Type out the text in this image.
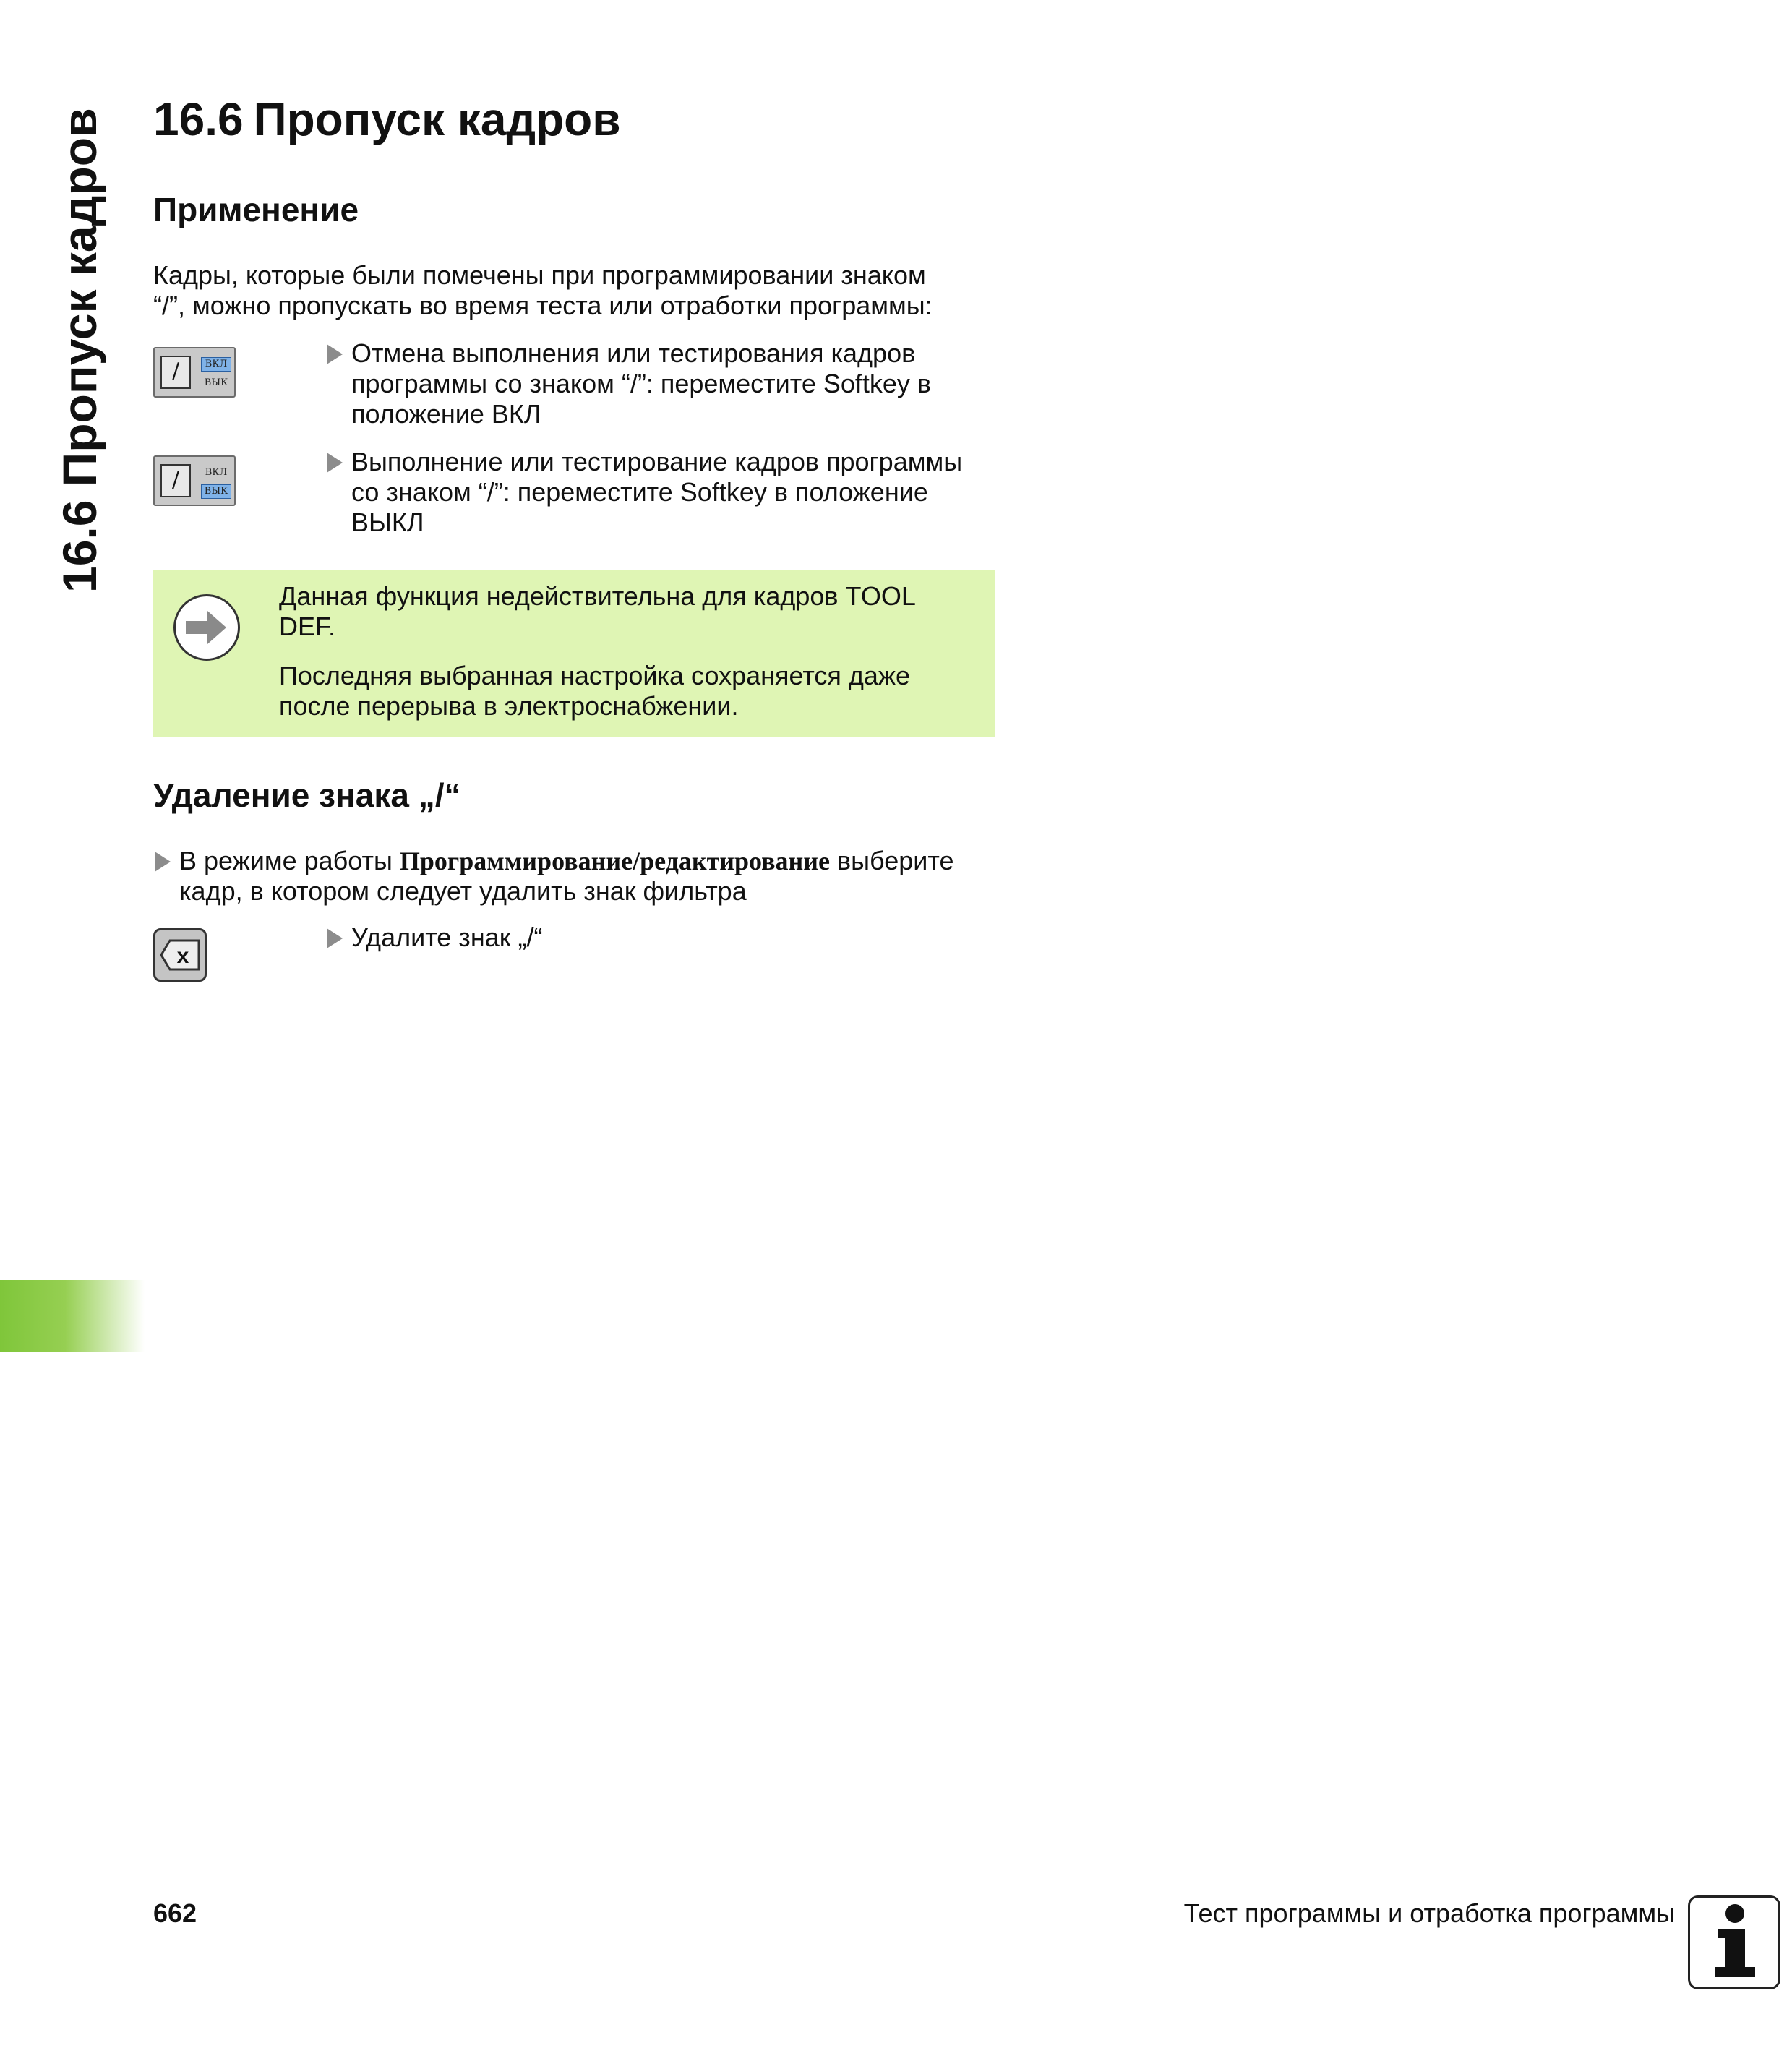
16.6 Пропуск кадров 16.6 Пропуск кадров
Применение
Кадры, которые были помечены при программировании знаком
“/”, можно пропускать во время теста или отработки программы:
/	ВКЛ
ВЫК
Отмена выполнения или тестирования кадров
программы со знаком “/”: переместите Softkey в
положение ВКЛ
/	ВКЛ
ВЫК
Выполнение или тестирование кадров программы
со знаком “/”: переместите Softkey в положение
ВЫКЛ
Данная функция недействительна для кадров TOOL
DEF.
Последняя выбранная настройка сохраняется даже
после перерыва в электроснабжении.
Удаление знака „/“
В режиме работы Программирование/редактирование выберите
кадр, в котором следует удалить знак фильтра
x
Удалите знак „/“
662	Тест программы и отработка программы
